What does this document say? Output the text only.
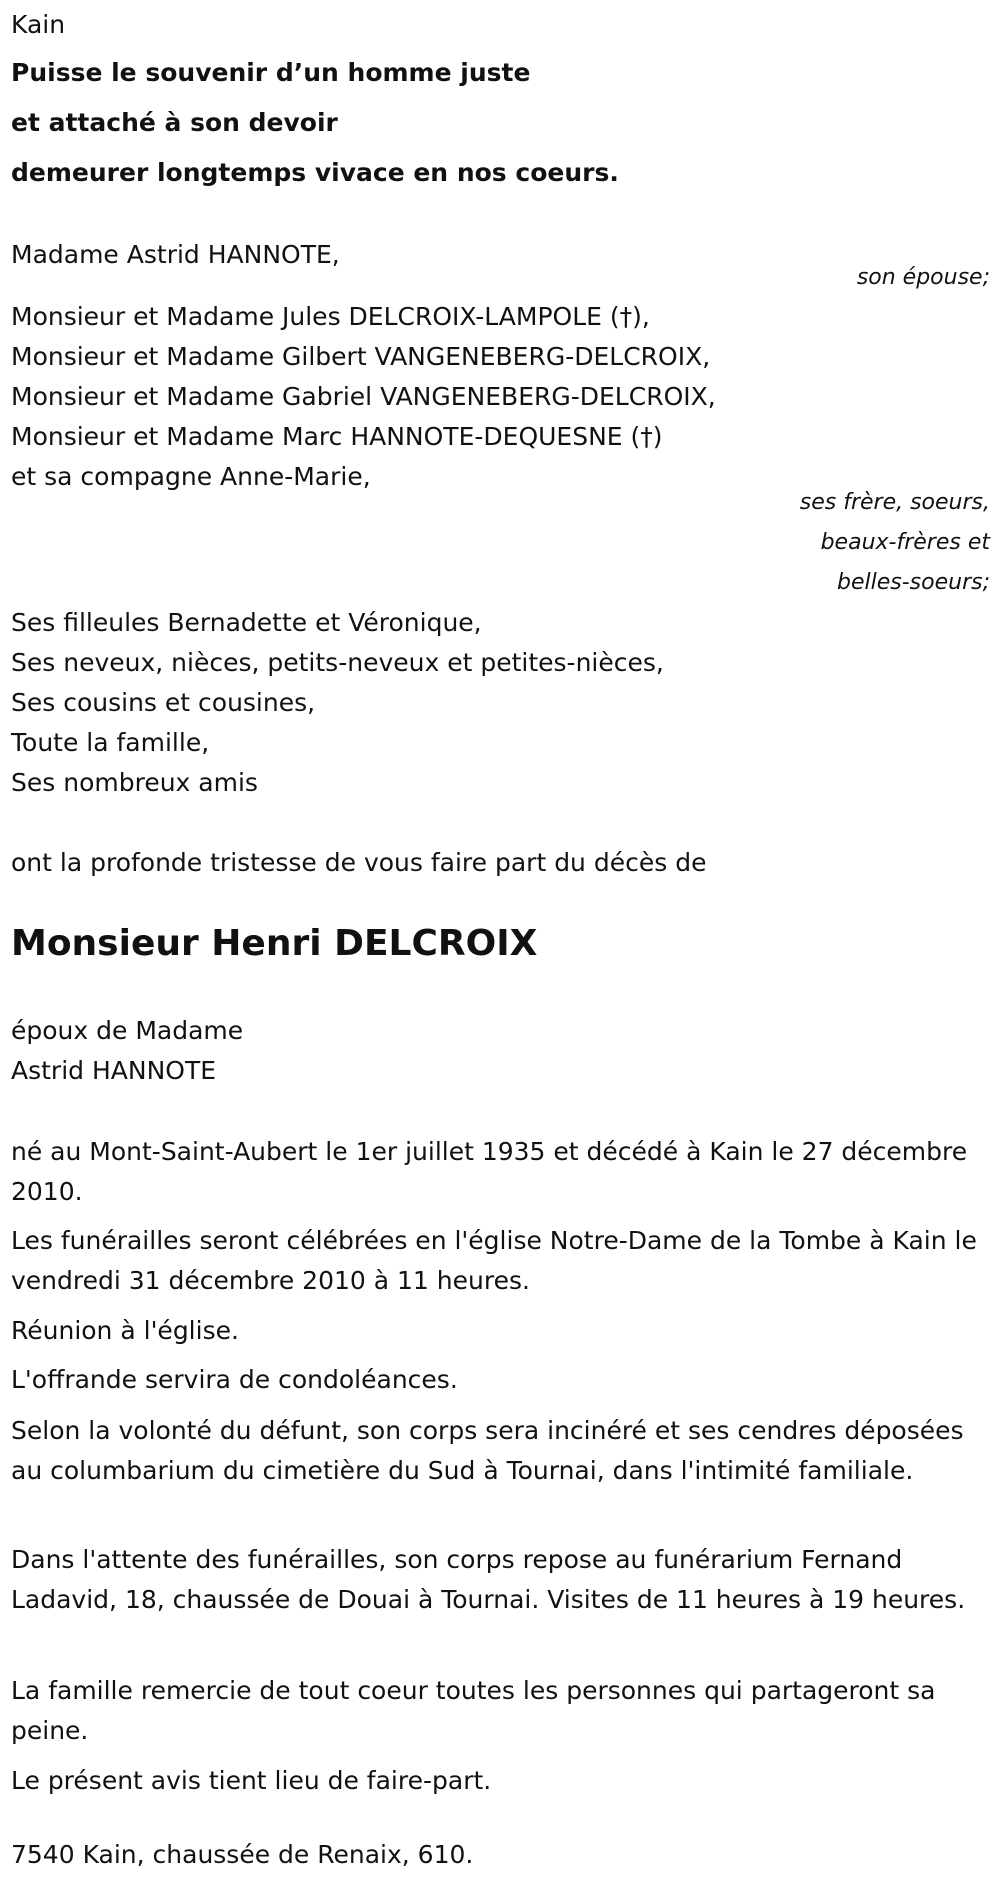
Kain
Puisse le souvenir d’un homme juste
et attaché à son devoir
demeurer longtemps vivace en nos coeurs.
Madame Astrid HANNOTE,
son épouse;
Monsieur et Madame Jules DELCROIX-LAMPOLE (†),
Monsieur et Madame Gilbert VANGENEBERG-DELCROIX,
Monsieur et Madame Gabriel VANGENEBERG-DELCROIX,
Monsieur et Madame Marc HANNOTE-DEQUESNE (†)
et sa compagne Anne-Marie,
ses frère, soeurs,
beaux-frères et
belles-soeurs;
Ses filleules Bernadette et Véronique,
Ses neveux, nièces, petits-neveux et petites-nièces,
Ses cousins et cousines,
Toute la famille,
Ses nombreux amis
ont la profonde tristesse de vous faire part du décès de
Monsieur Henri DELCROIX
époux de Madame
Astrid HANNOTE
né au Mont-Saint-Aubert le 1er juillet 1935 et décédé à Kain le 27 décembre 2010.
Les funérailles seront célébrées en l'église Notre-Dame de la Tombe à Kain le vendredi 31 décembre 2010 à 11 heures.
Réunion à l'église.
L'offrande servira de condoléances.
Selon la volonté du défunt, son corps sera incinéré et ses cendres déposées au columbarium du cimetière du Sud à Tournai, dans l'intimité familiale.
Dans l'attente des funérailles, son corps repose au funérarium Fernand Ladavid, 18, chaussée de Douai à Tournai. Visites de 11 heures à 19 heures.
La famille remercie de tout coeur toutes les personnes qui partageront sa peine.
Le présent avis tient lieu de faire-part.
7540 Kain, chaussée de Renaix, 610.
